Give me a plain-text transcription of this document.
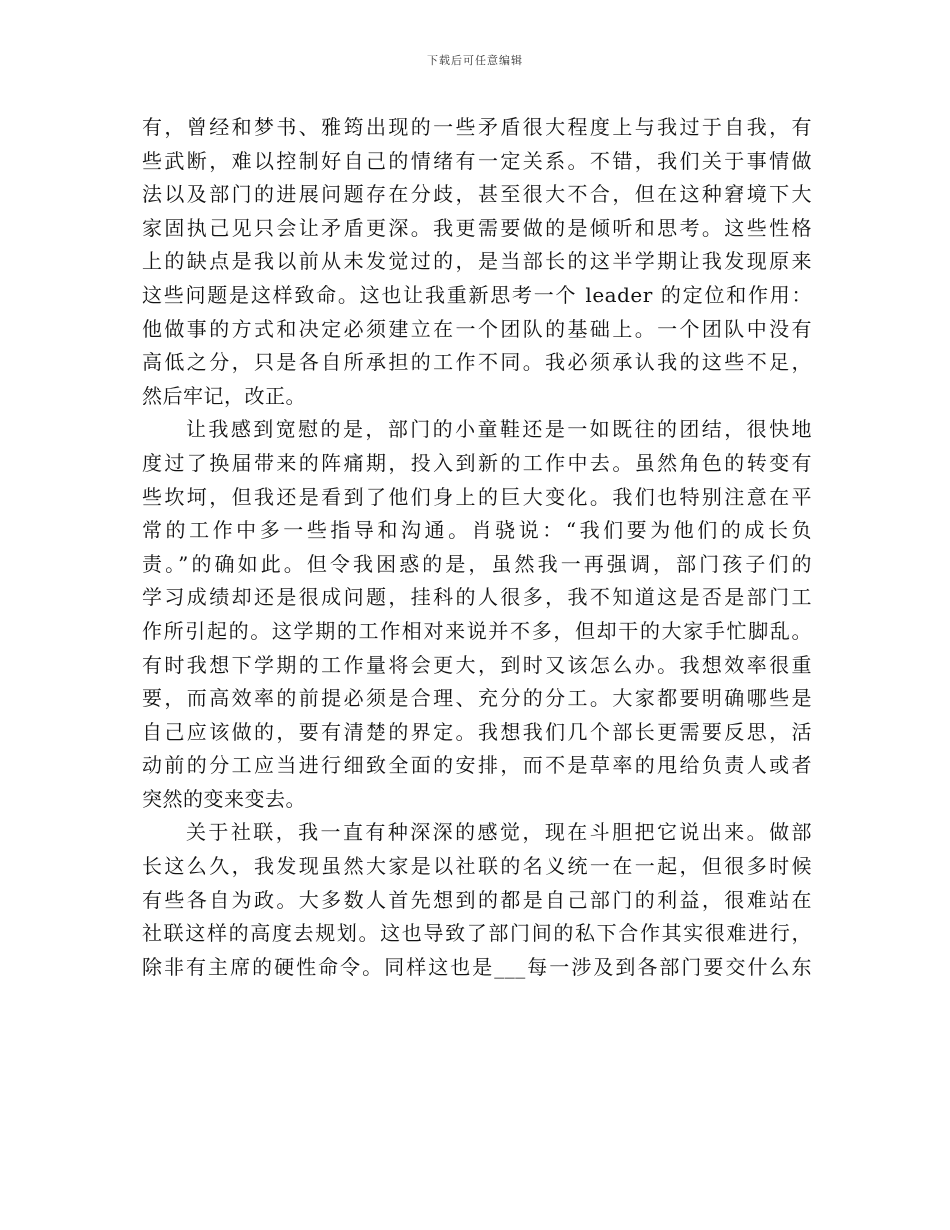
下载后可任意编辑
有，曾经和梦书、雅筠出现的一些矛盾很大程度上与我过于自我，有
些武断，难以控制好自己的情绪有一定关系。不错，我们关于事情做
法以及部门的进展问题存在分歧，甚至很大不合，但在这种窘境下大
家固执己见只会让矛盾更深。我更需要做的是倾听和思考。这些性格
上的缺点是我以前从未发觉过的，是当部长的这半学期让我发现原来
这些问题是这样致命。这也让我重新思考一个 leader 的定位和作用：
他做事的方式和决定必须建立在一个团队的基础上。一个团队中没有
高低之分，只是各自所承担的工作不同。我必须承认我的这些不足，
然后牢记，改正。
让我感到宽慰的是，部门的小童鞋还是一如既往的团结，很快地
度过了换届带来的阵痛期，投入到新的工作中去。虽然角色的转变有
些坎坷，但我还是看到了他们身上的巨大变化。我们也特别注意在平
常的工作中多一些指导和沟通。肖骁说：“我们要为他们的成长负
责。”的确如此。但令我困惑的是，虽然我一再强调，部门孩子们的
学习成绩却还是很成问题，挂科的人很多，我不知道这是否是部门工
作所引起的。这学期的工作相对来说并不多，但却干的大家手忙脚乱。
有时我想下学期的工作量将会更大，到时又该怎么办。我想效率很重
要，而高效率的前提必须是合理、充分的分工。大家都要明确哪些是
自己应该做的，要有清楚的界定。我想我们几个部长更需要反思，活
动前的分工应当进行细致全面的安排，而不是草率的甩给负责人或者
突然的变来变去。
关于社联，我一直有种深深的感觉，现在斗胆把它说出来。做部
长这么久，我发现虽然大家是以社联的名义统一在一起，但很多时候
有些各自为政。大多数人首先想到的都是自己部门的利益，很难站在
社联这样的高度去规划。这也导致了部门间的私下合作其实很难进行，
除非有主席的硬性命令。同样这也是___每一涉及到各部门要交什么东
